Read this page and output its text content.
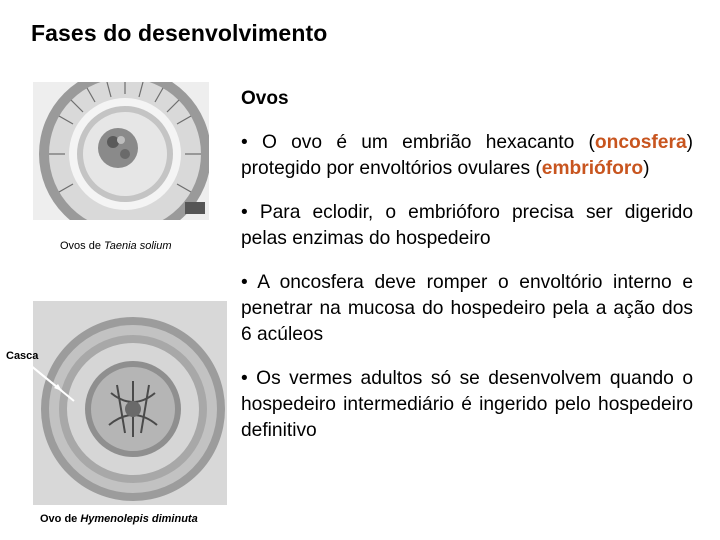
Fases do desenvolvimento
Ovos de Taenia solium
Casca
Ovo de Hymenolepis diminuta
Ovos
• O ovo é um embrião hexacanto (oncosfera) protegido por envoltórios ovulares (embrióforo)
• Para eclodir, o embrióforo precisa ser digerido pelas enzimas do hospedeiro
• A oncosfera deve romper o envoltório interno e penetrar na mucosa do hospedeiro pela a ação dos 6 acúleos
• Os vermes adultos só se desenvolvem quando o hospedeiro intermediário é ingerido pelo hospedeiro definitivo
